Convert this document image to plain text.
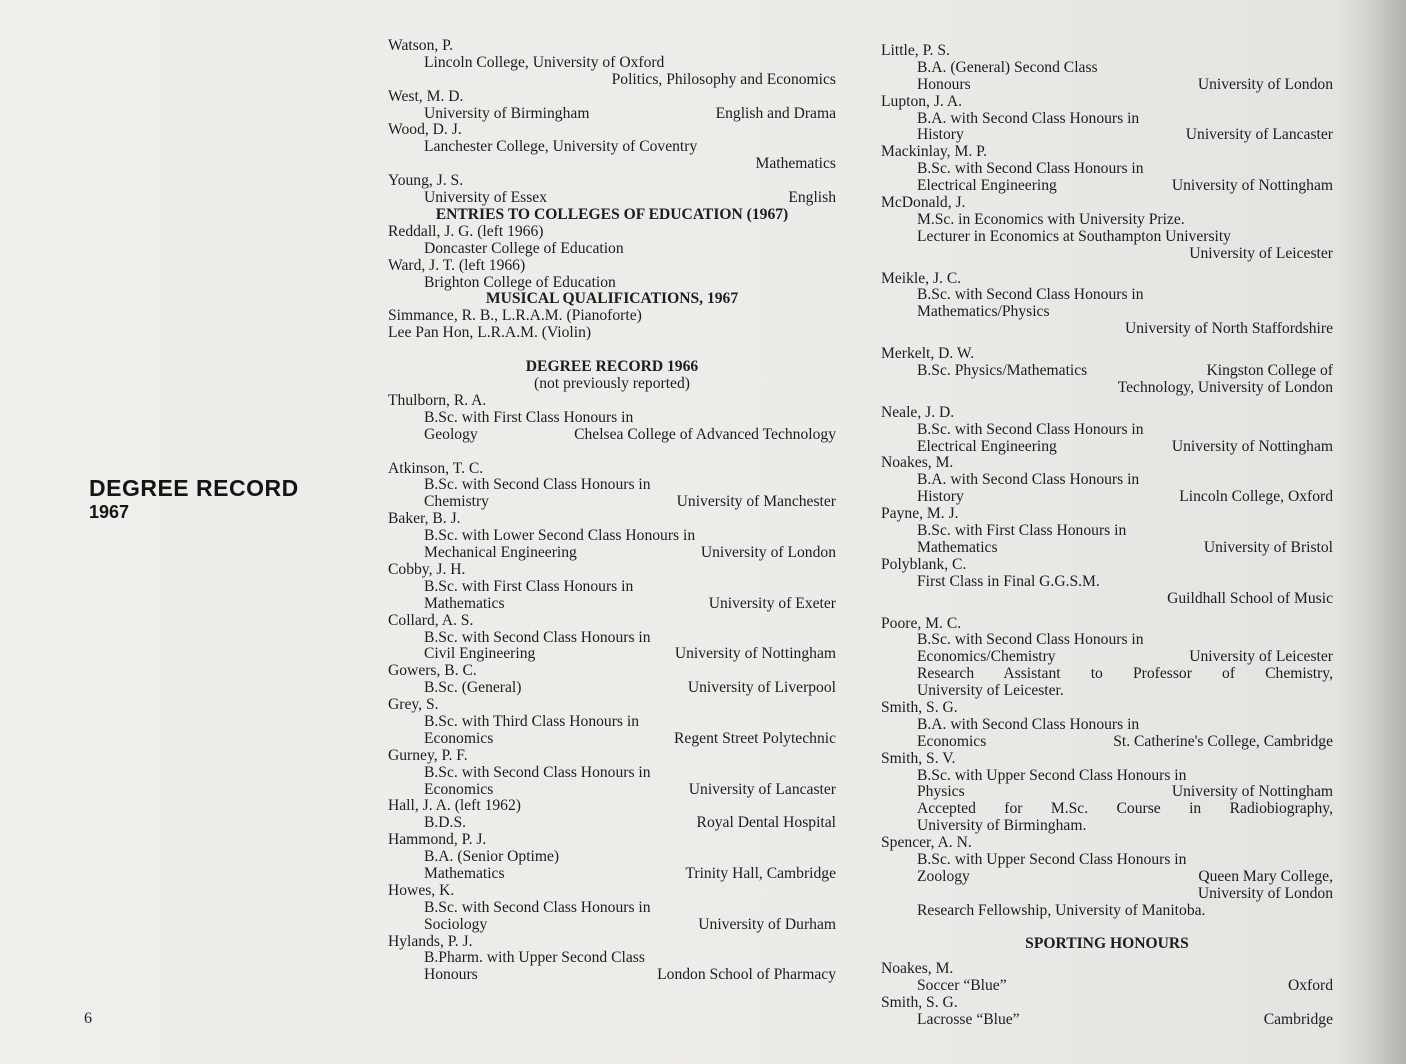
DEGREE RECORD
1967
Watson, P.
Lincoln College, University of Oxford
Politics, Philosophy and Economics
West, M. D.
University of Birmingham	English and Drama
Wood, D. J.
Lanchester College, University of Coventry
Mathematics
Young, J. S.
University of Essex	English
ENTRIES TO COLLEGES OF EDUCATION (1967)
Reddall, J. G. (left 1966)
Doncaster College of Education
Ward, J. T. (left 1966)
Brighton College of Education
MUSICAL QUALIFICATIONS, 1967
Simmance, R. B., L.R.A.M. (Pianoforte)
Lee Pan Hon, L.R.A.M. (Violin)
DEGREE RECORD 1966
(not previously reported)
Thulborn, R. A.
B.Sc. with First Class Honours in
Geology	Chelsea College of Advanced Technology
Atkinson, T. C.
B.Sc. with Second Class Honours in
Chemistry	University of Manchester
Baker, B. J.
B.Sc. with Lower Second Class Honours in
Mechanical Engineering	University of London
Cobby, J. H.
B.Sc. with First Class Honours in
Mathematics	University of Exeter
Collard, A. S.
B.Sc. with Second Class Honours in
Civil Engineering	University of Nottingham
Gowers, B. C.
B.Sc. (General)	University of Liverpool
Grey, S.
B.Sc. with Third Class Honours in
Economics	Regent Street Polytechnic
Gurney, P. F.
B.Sc. with Second Class Honours in
Economics	University of Lancaster
Hall, J. A. (left 1962)
B.D.S.	Royal Dental Hospital
Hammond, P. J.
B.A. (Senior Optime)
Mathematics	Trinity Hall, Cambridge
Howes, K.
B.Sc. with Second Class Honours in
Sociology	University of Durham
Hylands, P. J.
B.Pharm. with Upper Second Class
Honours	London School of Pharmacy
Little, P. S.
B.A. (General) Second Class
Honours	University of London
Lupton, J. A.
B.A. with Second Class Honours in
History	University of Lancaster
Mackinlay, M. P.
B.Sc. with Second Class Honours in
Electrical Engineering	University of Nottingham
McDonald, J.
M.Sc. in Economics with University Prize.
Lecturer in Economics at Southampton University
University of Leicester
Meikle, J. C.
B.Sc. with Second Class Honours in
Mathematics/Physics
University of North Staffordshire
Merkelt, D. W.
B.Sc. Physics/Mathematics	Kingston College of
Technology, University of London
Neale, J. D.
B.Sc. with Second Class Honours in
Electrical Engineering	University of Nottingham
Noakes, M.
B.A. with Second Class Honours in
History	Lincoln College, Oxford
Payne, M. J.
B.Sc. with First Class Honours in
Mathematics	University of Bristol
Polyblank, C.
First Class in Final G.G.S.M.
Guildhall School of Music
Poore, M. C.
B.Sc. with Second Class Honours in
Economics/Chemistry	University of Leicester
Research Assistant to Professor of Chemistry,
University of Leicester.
Smith, S. G.
B.A. with Second Class Honours in
Economics	St. Catherine's College, Cambridge
Smith, S. V.
B.Sc. with Upper Second Class Honours in
Physics	University of Nottingham
Accepted for M.Sc. Course in Radiobiography,
University of Birmingham.
Spencer, A. N.
B.Sc. with Upper Second Class Honours in
Zoology	Queen Mary College,
University of London
Research Fellowship, University of Manitoba.
SPORTING HONOURS
Noakes, M.
Soccer “Blue”	Oxford
Smith, S. G.
Lacrosse “Blue”	Cambridge
6
